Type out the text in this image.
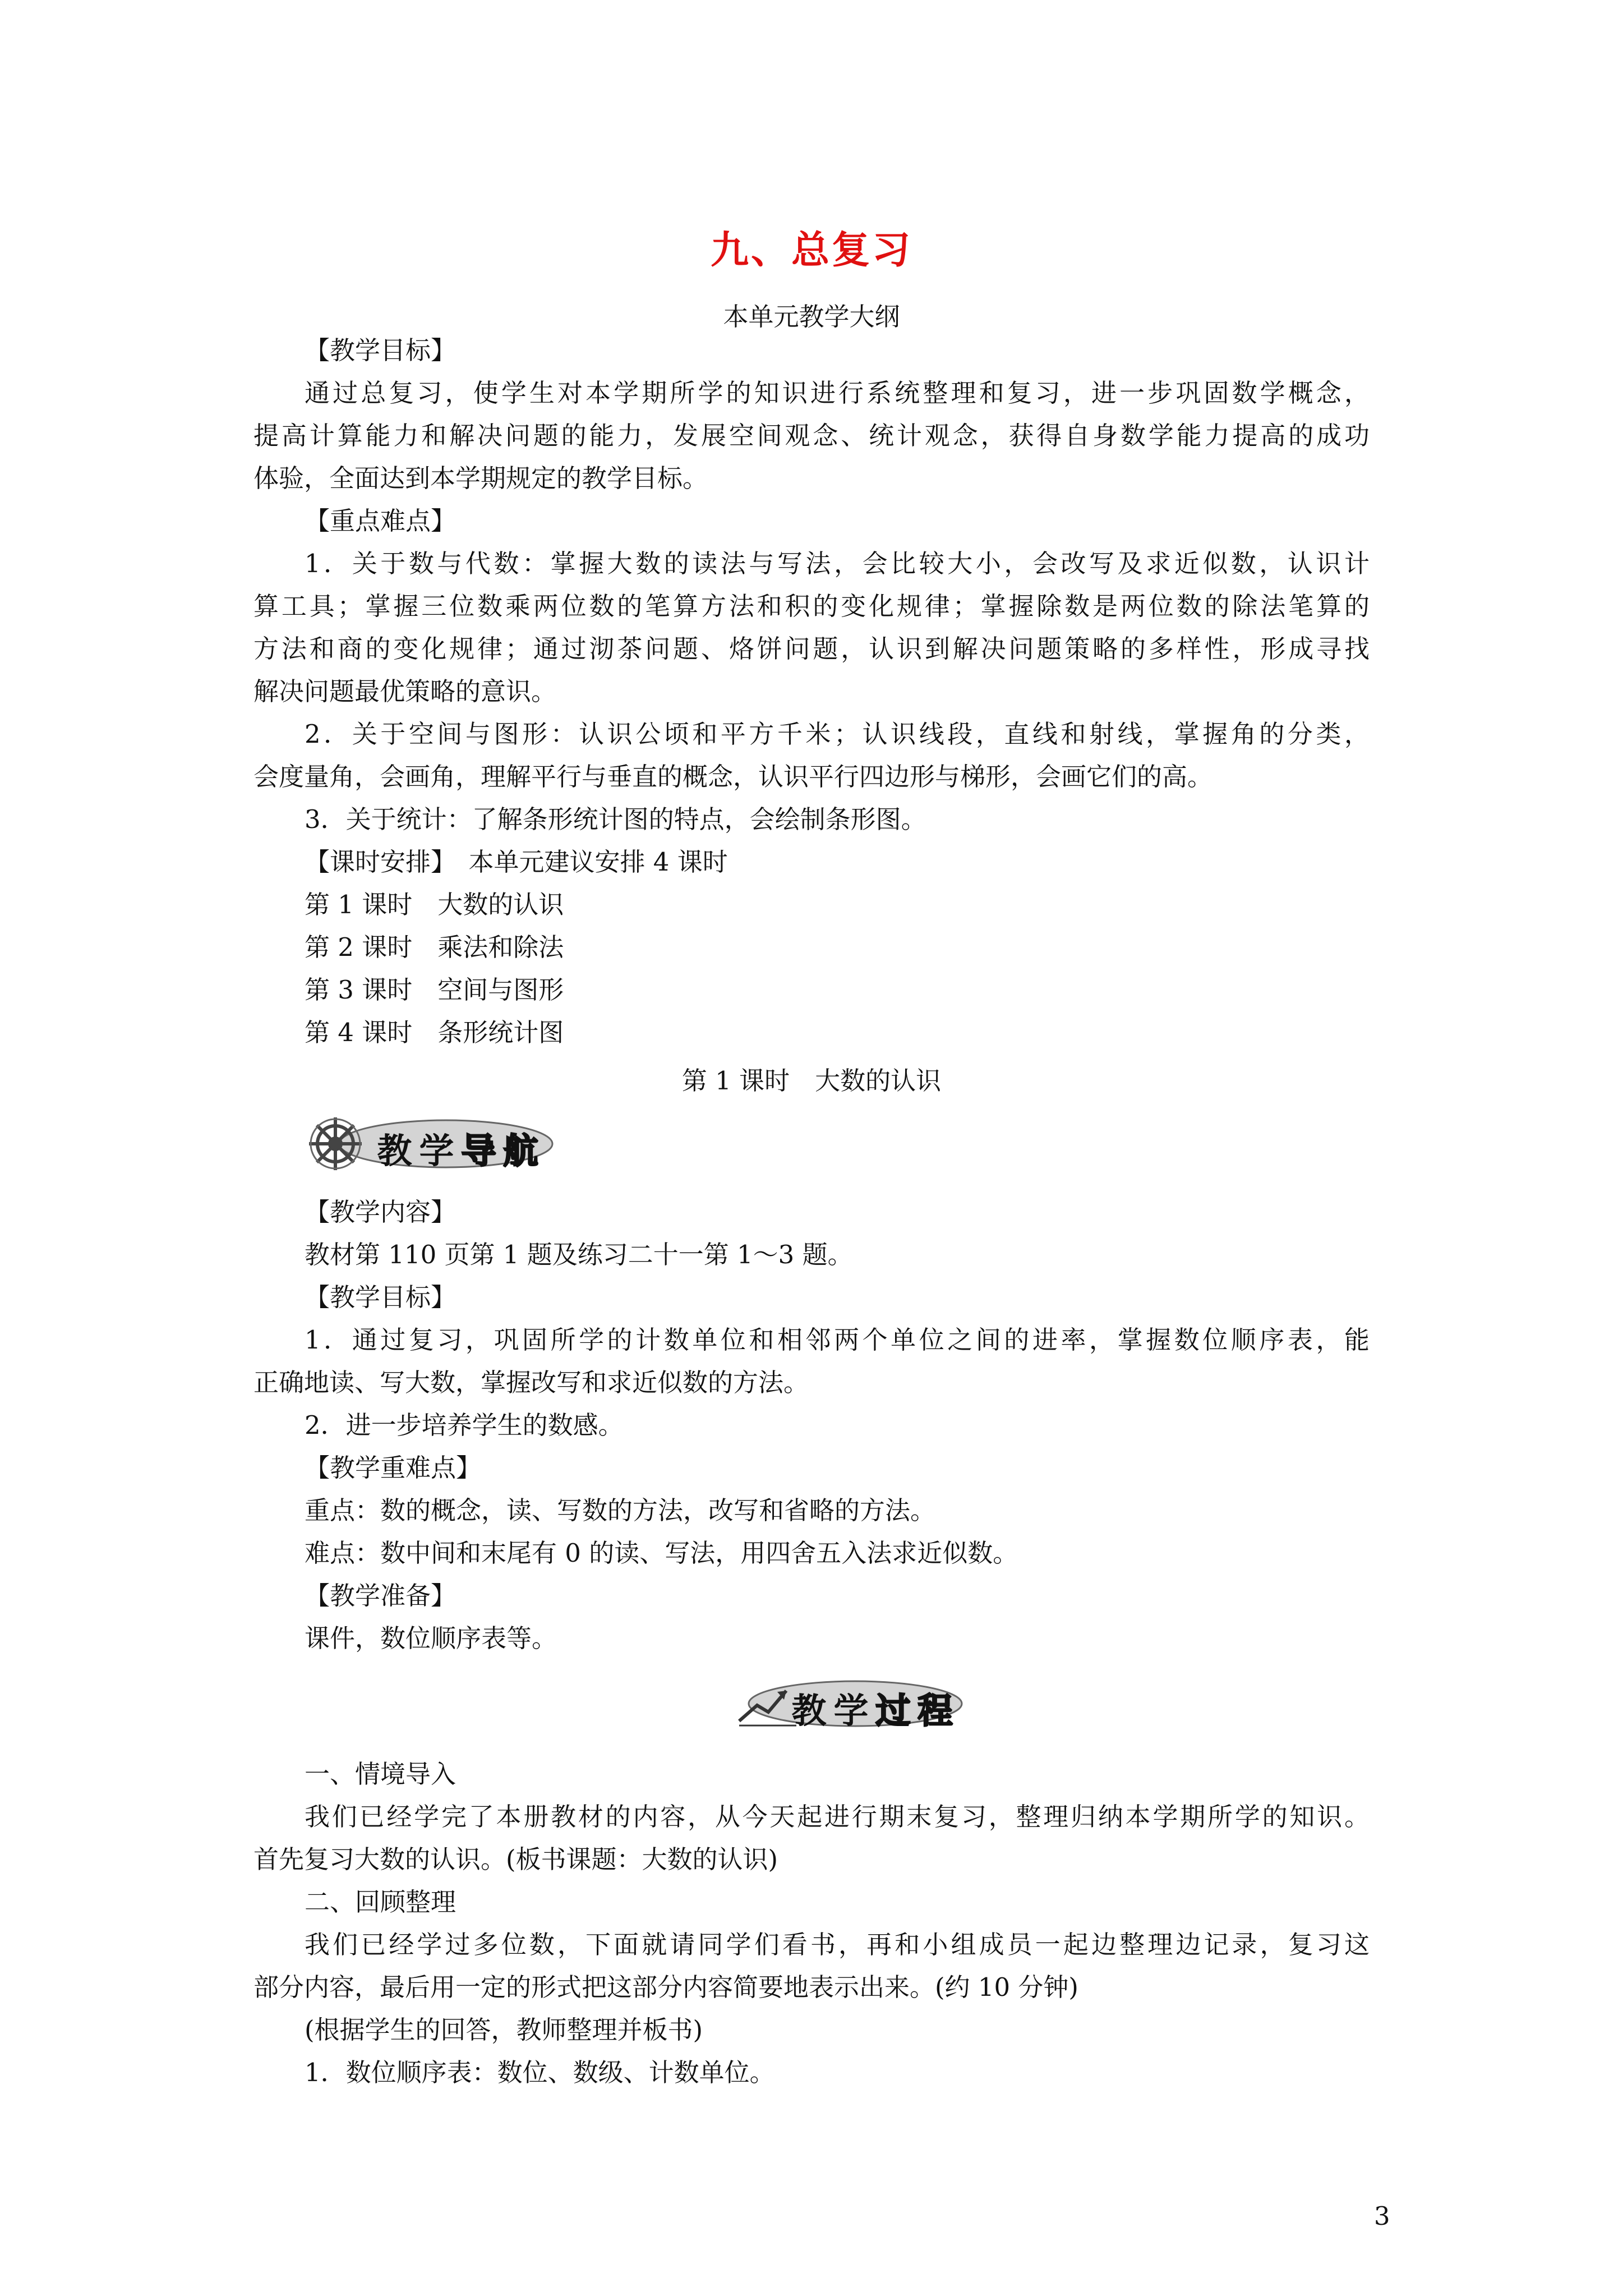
九、总复习
本单元教学大纲
【教学目标】
通过总复习，使学生对本学期所学的知识进行系统整理和复习，进一步巩固数学概念，
提高计算能力和解决问题的能力，发展空间观念、统计观念，获得自身数学能力提高的成功
体验，全面达到本学期规定的教学目标。
【重点难点】
1．关于数与代数：掌握大数的读法与写法，会比较大小，会改写及求近似数，认识计
算工具；掌握三位数乘两位数的笔算方法和积的变化规律；掌握除数是两位数的除法笔算的
方法和商的变化规律；通过沏茶问题、烙饼问题，认识到解决问题策略的多样性，形成寻找
解决问题最优策略的意识。
2．关于空间与图形：认识公顷和平方千米；认识线段，直线和射线，掌握角的分类，
会度量角，会画角，理解平行与垂直的概念，认识平行四边形与梯形，会画它们的高。
3．关于统计：了解条形统计图的特点，会绘制条形图。
【课时安排】　本单元建议安排 4 课时
第 1 课时　大数的认识
第 2 课时　乘法和除法
第 3 课时　空间与图形
第 4 课时　条形统计图
第 1 课时　大数的认识
教 学 导 航
【教学内容】
教材第 110 页第 1 题及练习二十一第 1～3 题。
【教学目标】
1．通过复习，巩固所学的计数单位和相邻两个单位之间的进率，掌握数位顺序表，能
正确地读、写大数，掌握改写和求近似数的方法。
2．进一步培养学生的数感。
【教学重难点】
重点：数的概念，读、写数的方法，改写和省略的方法。
难点：数中间和末尾有 0 的读、写法，用四舍五入法求近似数。
【教学准备】
课件，数位顺序表等。
教 学 过 程
一、情境导入
我们已经学完了本册教材的内容，从今天起进行期末复习，整理归纳本学期所学的知识。
首先复习大数的认识。(板书课题：大数的认识)
二、回顾整理
我们已经学过多位数，下面就请同学们看书，再和小组成员一起边整理边记录，复习这
部分内容，最后用一定的形式把这部分内容简要地表示出来。(约 10 分钟)
(根据学生的回答，教师整理并板书)
1．数位顺序表：数位、数级、计数单位。
3
